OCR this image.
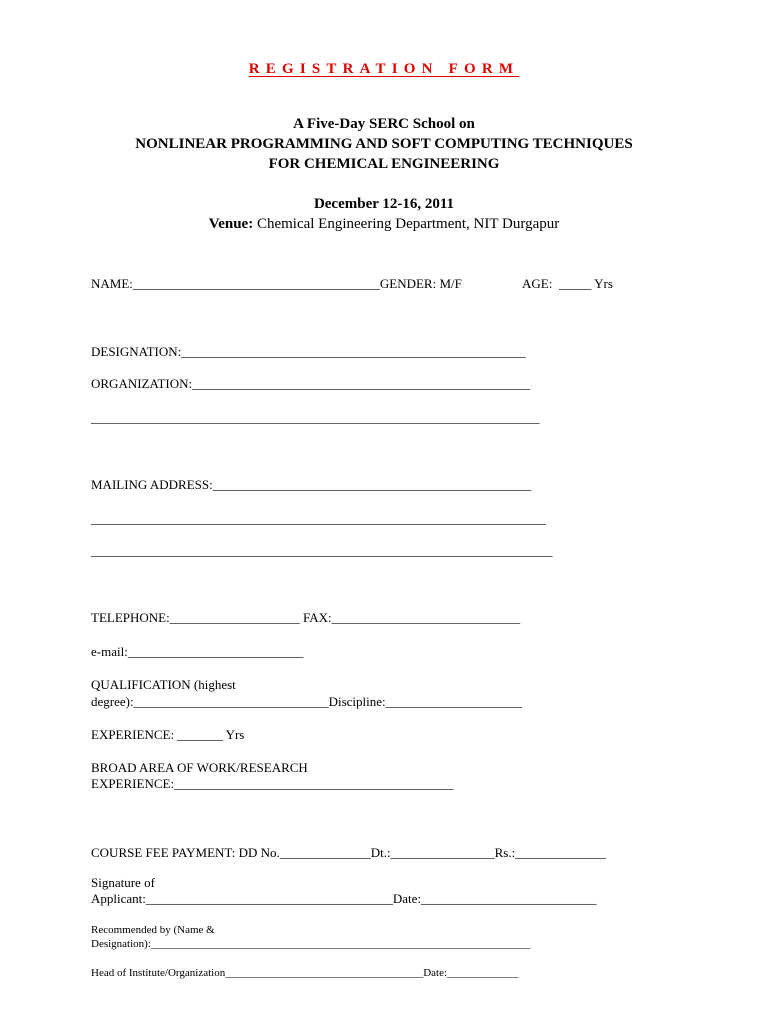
REGISTRATION FORM
A Five-Day SERC School on
NONLINEAR PROGRAMMING AND SOFT COMPUTING TECHNIQUES
FOR CHEMICAL ENGINEERING
December 12-16, 2011
Venue: Chemical Engineering Department, NIT Durgapur
NAME:______________________________________GENDER: M/F	AGE:  _____ Yrs
DESIGNATION:_____________________________________________________
ORGANIZATION:____________________________________________________
_____________________________________________________________________
MAILING ADDRESS:_________________________________________________
______________________________________________________________________
_______________________________________________________________________
TELEPHONE:____________________ FAX:_____________________________
e-mail:___________________________
QUALIFICATION (highest
degree):______________________________Discipline:_____________________
EXPERIENCE: _______ Yrs
BROAD AREA OF WORK/RESEARCH
EXPERIENCE:___________________________________________
COURSE FEE PAYMENT: DD No.______________Dt.:________________Rs.:______________
Signature of
Applicant:______________________________________Date:___________________________
Recommended by (Name &
Designation):_____________________________________________________________________
Head of Institute/Organization____________________________________Date:_____________
